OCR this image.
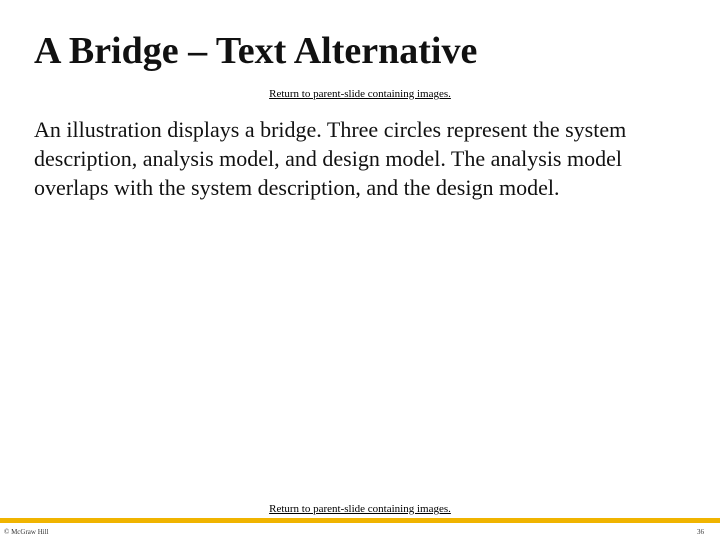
A Bridge – Text Alternative
Return to parent-slide containing images.

An illustration displays a bridge. Three circles represent the system description, analysis model, and design model. The analysis model overlaps with the system description, and the design model.

Return to parent-slide containing images.
© McGraw Hill	36
